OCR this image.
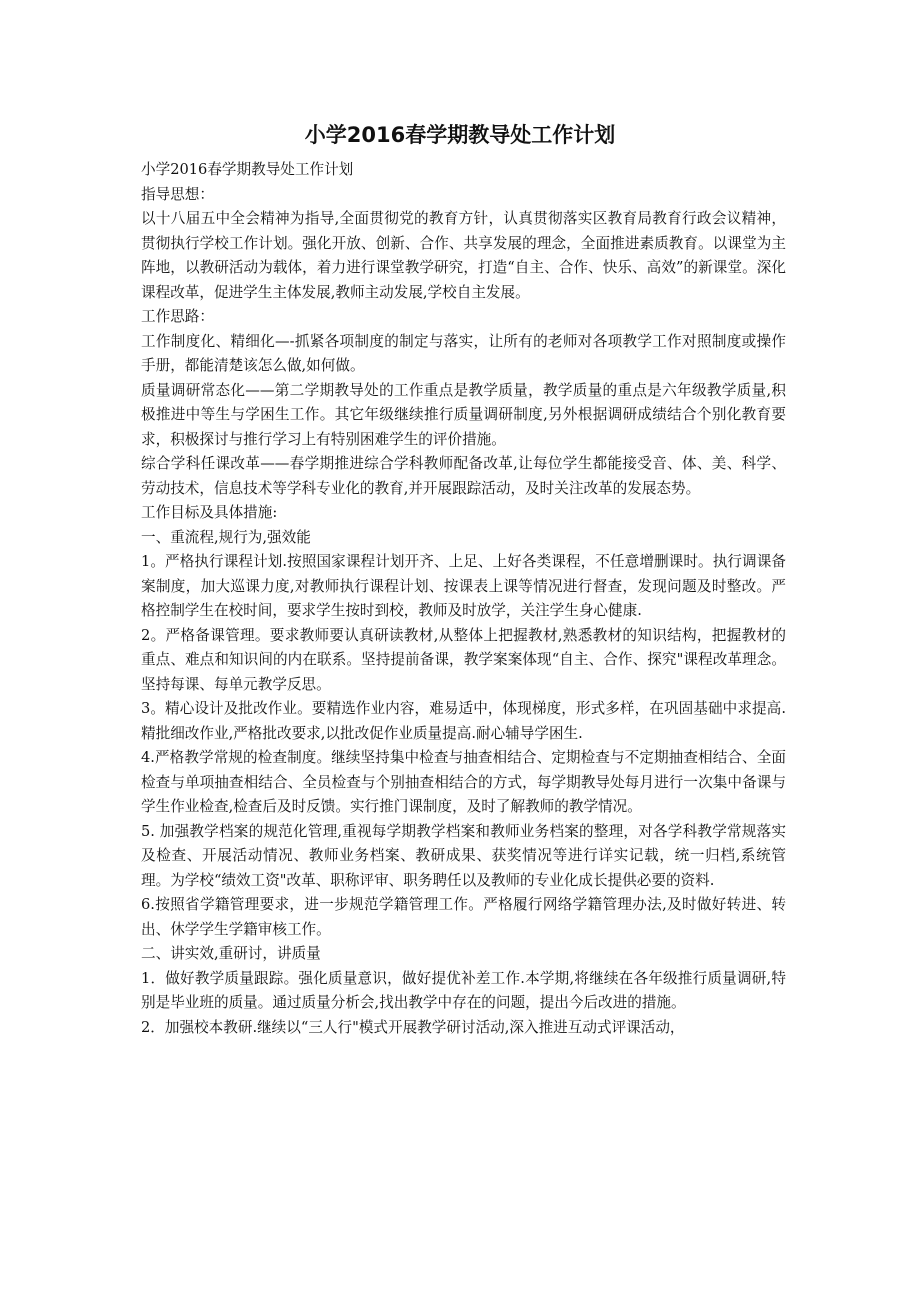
小学2016春学期教导处工作计划

小学2016春学期教导处工作计划

指导思想：

以十八届五中全会精神为指导,全面贯彻党的教育方针，认真贯彻落实区教育局教育行政会议精神，贯彻执行学校工作计划。强化开放、创新、合作、共享发展的理念，全面推进素质教育。以课堂为主阵地，以教研活动为载体，着力进行课堂教学研究，打造“自主、合作、快乐、高效”的新课堂。深化课程改革，促进学生主体发展,教师主动发展,学校自主发展。

工作思路：

工作制度化、精细化—-抓紧各项制度的制定与落实，让所有的老师对各项教学工作对照制度或操作手册，都能清楚该怎么做,如何做。

质量调研常态化——第二学期教导处的工作重点是教学质量，教学质量的重点是六年级教学质量,积极推进中等生与学困生工作。其它年级继续推行质量调研制度,另外根据调研成绩结合个别化教育要求，积极探讨与推行学习上有特别困难学生的评价措施。

综合学科任课改革——春学期推进综合学科教师配备改革,让每位学生都能接受音、体、美、科学、劳动技术，信息技术等学科专业化的教育,并开展跟踪活动，及时关注改革的发展态势。

工作目标及具体措施:

一、重流程,规行为,强效能

1。严格执行课程计划.按照国家课程计划开齐、上足、上好各类课程，不任意增删课时。执行调课备案制度，加大巡课力度,对教师执行课程计划、按课表上课等情况进行督查，发现问题及时整改。严格控制学生在校时间，要求学生按时到校，教师及时放学，关注学生身心健康.

2。严格备课管理。要求教师要认真研读教材,从整体上把握教材,熟悉教材的知识结构，把握教材的重点、难点和知识间的内在联系。坚持提前备课，教学案案体现“自主、合作、探究"课程改革理念。坚持每课、每单元教学反思。

3。精心设计及批改作业。要精选作业内容，难易适中，体现梯度，形式多样，在巩固基础中求提高.精批细改作业,严格批改要求,以批改促作业质量提高.耐心辅导学困生.

4.严格教学常规的检查制度。继续坚持集中检查与抽查相结合、定期检查与不定期抽查相结合、全面检查与单项抽查相结合、全员检查与个别抽查相结合的方式，每学期教导处每月进行一次集中备课与学生作业检查,检查后及时反馈。实行推门课制度，及时了解教师的教学情况。

5. 加强教学档案的规范化管理,重视每学期教学档案和教师业务档案的整理，对各学科教学常规落实及检查、开展活动情况、教师业务档案、教研成果、获奖情况等进行详实记载，统一归档,系统管理。为学校“绩效工资"改革、职称评审、职务聘任以及教师的专业化成长提供必要的资料.

6.按照省学籍管理要求，进一步规范学籍管理工作。严格履行网络学籍管理办法,及时做好转进、转出、休学学生学籍审核工作。

二、讲实效,重研讨，讲质量

1．做好教学质量跟踪。强化质量意识，做好提优补差工作.本学期,将继续在各年级推行质量调研,特别是毕业班的质量。通过质量分析会,找出教学中存在的问题，提出今后改进的措施。

2．加强校本教研.继续以“三人行"模式开展教学研讨活动,深入推进互动式评课活动，
